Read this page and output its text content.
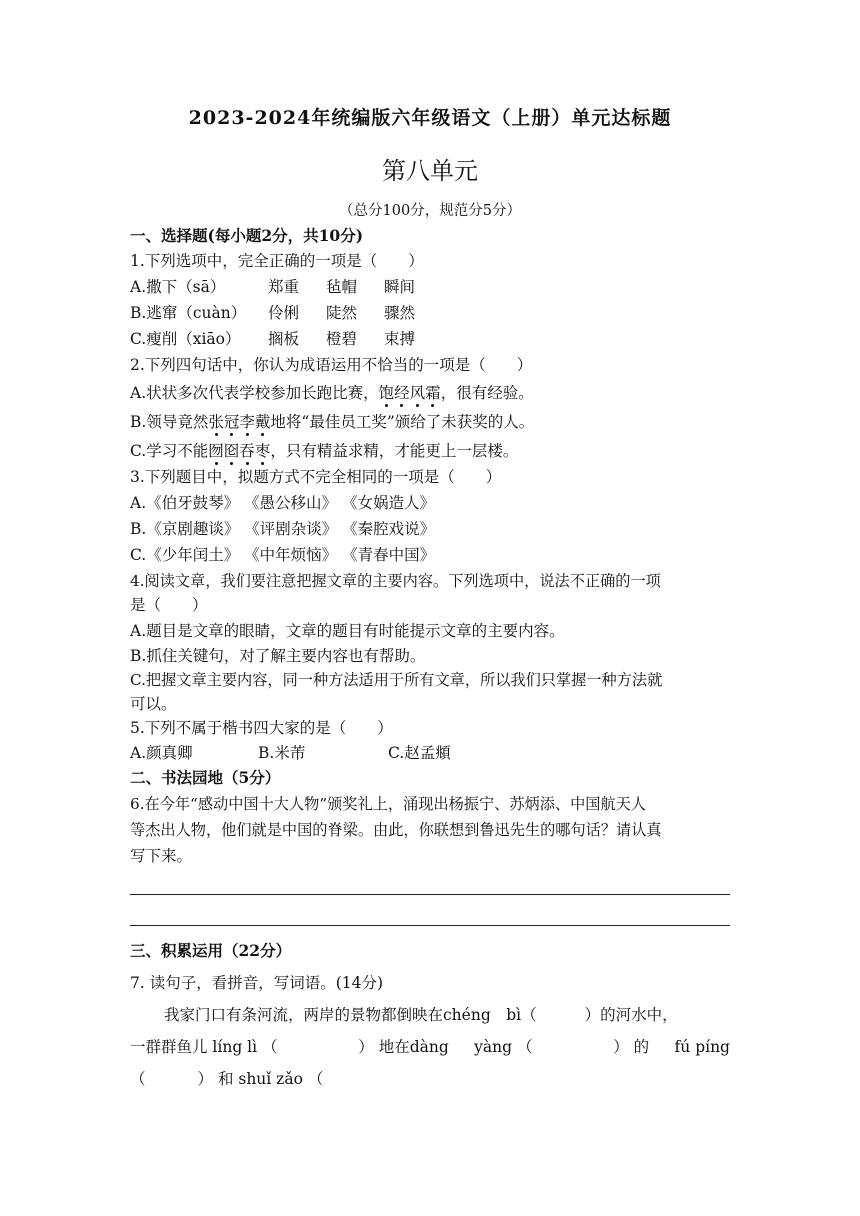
2023-2024年统编版六年级语文（上册）单元达标题
第八单元
（总分100分，规范分5分）
一、选择题(每小题2分，共10分)
1.下列选项中，完全正确的一项是（　　）
A.撒下（sā）	郑重 毡帽 瞬间
B.逃窜（cuàn） 伶俐 陡然 骤然
C.瘦削（xiāo） 搁板 橙碧 束搏
2.下列四句话中，你认为成语运用不恰当的一项是（　　）
A.状状多次代表学校参加长跑比赛，饱经风霜，很有经验。
B.领导竟然张冠李戴地将“最佳员工奖”颁给了未获奖的人。
C.学习不能囫囵吞枣，只有精益求精，才能更上一层楼。
3.下列题目中，拟题方式不完全相同的一项是（　　）
A.《伯牙鼓琴》 《愚公移山》 《女娲造人》
B.《京剧趣谈》 《评剧杂谈》 《秦腔戏说》
C.《少年闰土》 《中年烦恼》 《青春中国》
4.阅读文章，我们要注意把握文章的主要内容。下列选项中，说法不正确的一项
是（　　）
A.题目是文章的眼睛，文章的题目有时能提示文章的主要内容。
B.抓住关键句，对了解主要内容也有帮助。
C.把握文章主要内容，同一种方法适用于所有文章，所以我们只掌握一种方法就
可以。
5.下列不属于楷书四大家的是（　　）
A.颜真卿	B.米芾	C.赵孟頫
二、书法园地（5分）
6.在今年“感动中国十大人物”颁奖礼上，涌现出杨振宁、苏炳添、中国航天人
等杰出人物，他们就是中国的脊梁。由此，你联想到鲁迅先生的哪句话？请认真
写下来。
三、积累运用（22分）
7. 读句子，看拼音，写词语。(14分)
我家门口有条河流，两岸的景物都倒映在chéng　bì（	）的河水中，
一群群鱼儿 líng lì （	） 地在dàng yàng （	） 的 fú píng
（	） 和 shuǐ zǎo （
